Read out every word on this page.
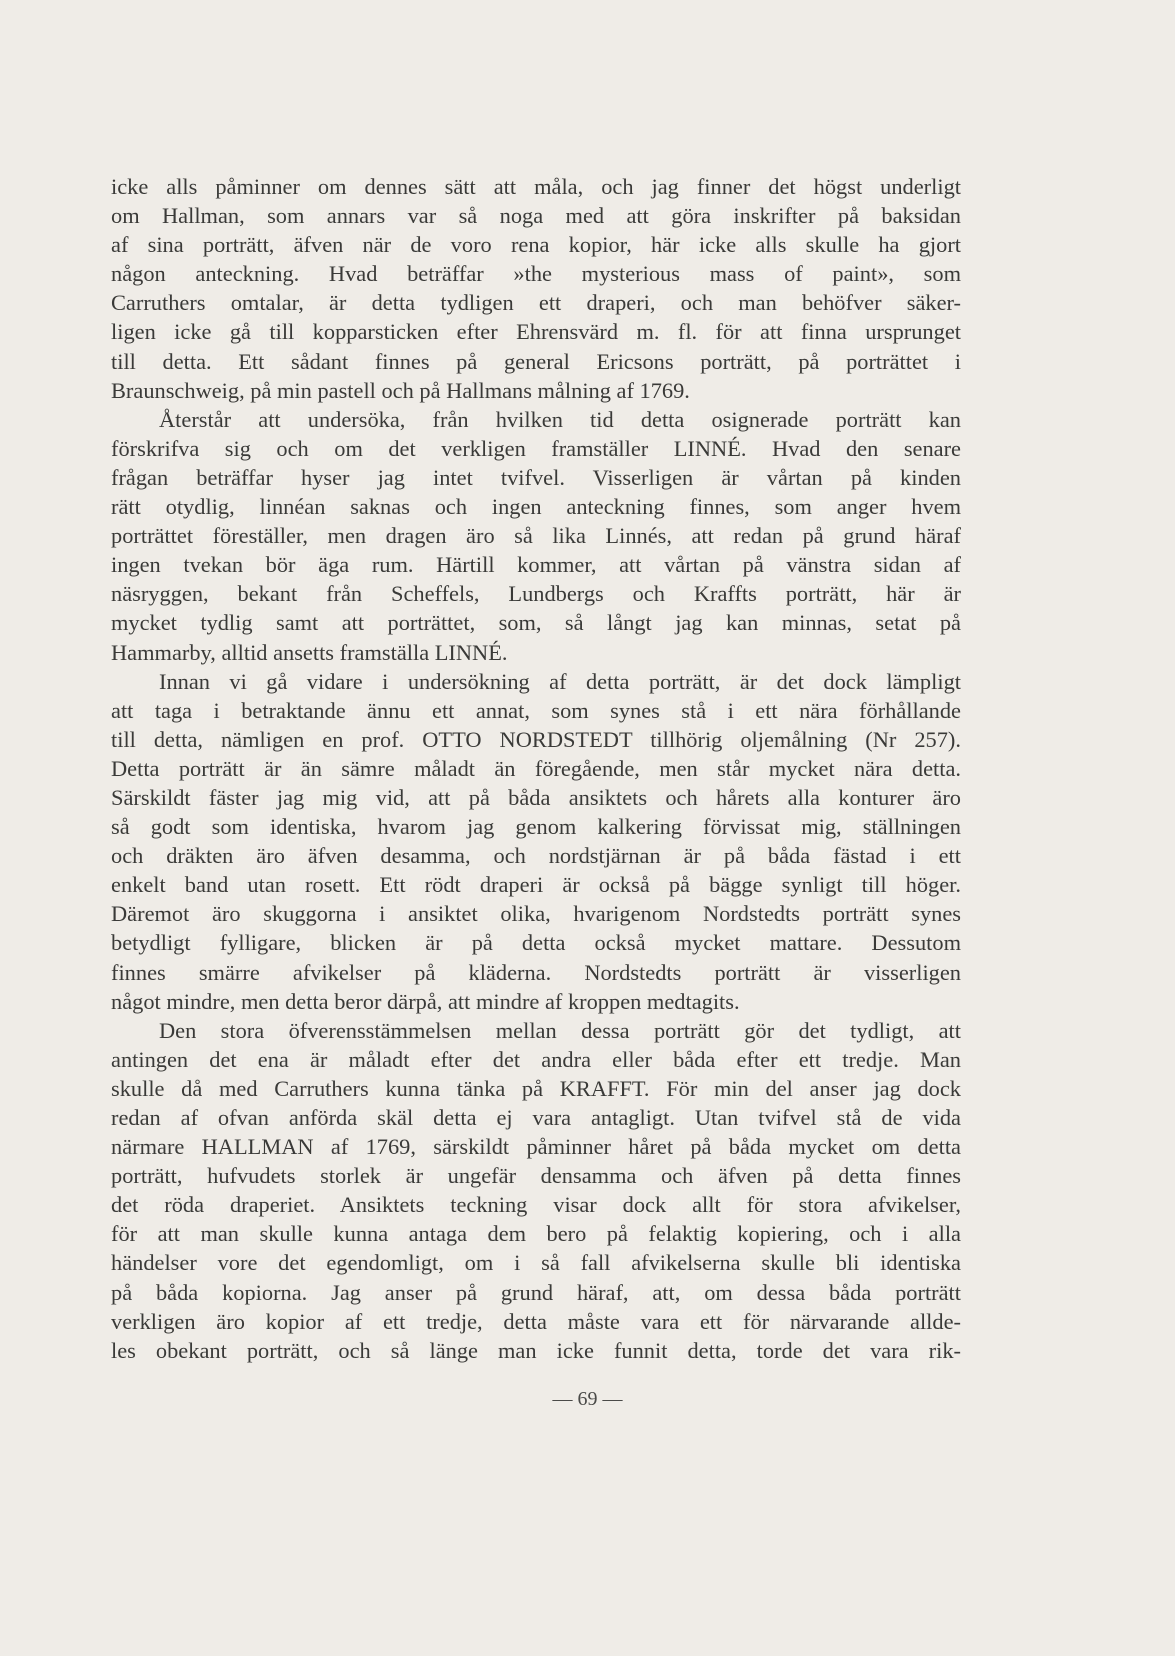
icke alls påminner om dennes sätt att måla, och jag finner det högst underligt
om Hallman, som annars var så noga med att göra inskrifter på baksidan
af sina porträtt, äfven när de voro rena kopior, här icke alls skulle ha gjort
någon anteckning. Hvad beträffar »the mysterious mass of paint», som
Carruthers omtalar, är detta tydligen ett draperi, och man behöfver säker-
ligen icke gå till kopparsticken efter Ehrensvärd m. fl. för att finna ursprunget
till detta. Ett sådant finnes på general Ericsons porträtt, på porträttet i
Braunschweig, på min pastell och på Hallmans målning af 1769.
Återstår att undersöka, från hvilken tid detta osignerade porträtt kan
förskrifva sig och om det verkligen framställer LINNÉ. Hvad den senare
frågan beträffar hyser jag intet tvifvel. Visserligen är vårtan på kinden
rätt otydlig, linnéan saknas och ingen anteckning finnes, som anger hvem
porträttet föreställer, men dragen äro så lika Linnés, att redan på grund häraf
ingen tvekan bör äga rum. Härtill kommer, att vårtan på vänstra sidan af
näsryggen, bekant från Scheffels, Lundbergs och Kraffts porträtt, här är
mycket tydlig samt att porträttet, som, så långt jag kan minnas, setat på
Hammarby, alltid ansetts framställa LINNÉ.
Innan vi gå vidare i undersökning af detta porträtt, är det dock lämpligt
att taga i betraktande ännu ett annat, som synes stå i ett nära förhållande
till detta, nämligen en prof. OTTO NORDSTEDT tillhörig oljemålning (Nr 257).
Detta porträtt är än sämre måladt än föregående, men står mycket nära detta.
Särskildt fäster jag mig vid, att på båda ansiktets och hårets alla konturer äro
så godt som identiska, hvarom jag genom kalkering förvissat mig, ställningen
och dräkten äro äfven desamma, och nordstjärnan är på båda fästad i ett
enkelt band utan rosett. Ett rödt draperi är också på bägge synligt till höger.
Däremot äro skuggorna i ansiktet olika, hvarigenom Nordstedts porträtt synes
betydligt fylligare, blicken är på detta också mycket mattare. Dessutom
finnes smärre afvikelser på kläderna. Nordstedts porträtt är visserligen
något mindre, men detta beror därpå, att mindre af kroppen medtagits.
Den stora öfverensstämmelsen mellan dessa porträtt gör det tydligt, att
antingen det ena är måladt efter det andra eller båda efter ett tredje. Man
skulle då med Carruthers kunna tänka på KRAFFT. För min del anser jag dock
redan af ofvan anförda skäl detta ej vara antagligt. Utan tvifvel stå de vida
närmare HALLMAN af 1769, särskildt påminner håret på båda mycket om detta
porträtt, hufvudets storlek är ungefär densamma och äfven på detta finnes
det röda draperiet. Ansiktets teckning visar dock allt för stora afvikelser,
för att man skulle kunna antaga dem bero på felaktig kopiering, och i alla
händelser vore det egendomligt, om i så fall afvikelserna skulle bli identiska
på båda kopiorna. Jag anser på grund häraf, att, om dessa båda porträtt
verkligen äro kopior af ett tredje, detta måste vara ett för närvarande allde-
les obekant porträtt, och så länge man icke funnit detta, torde det vara rik-
— 69 —
